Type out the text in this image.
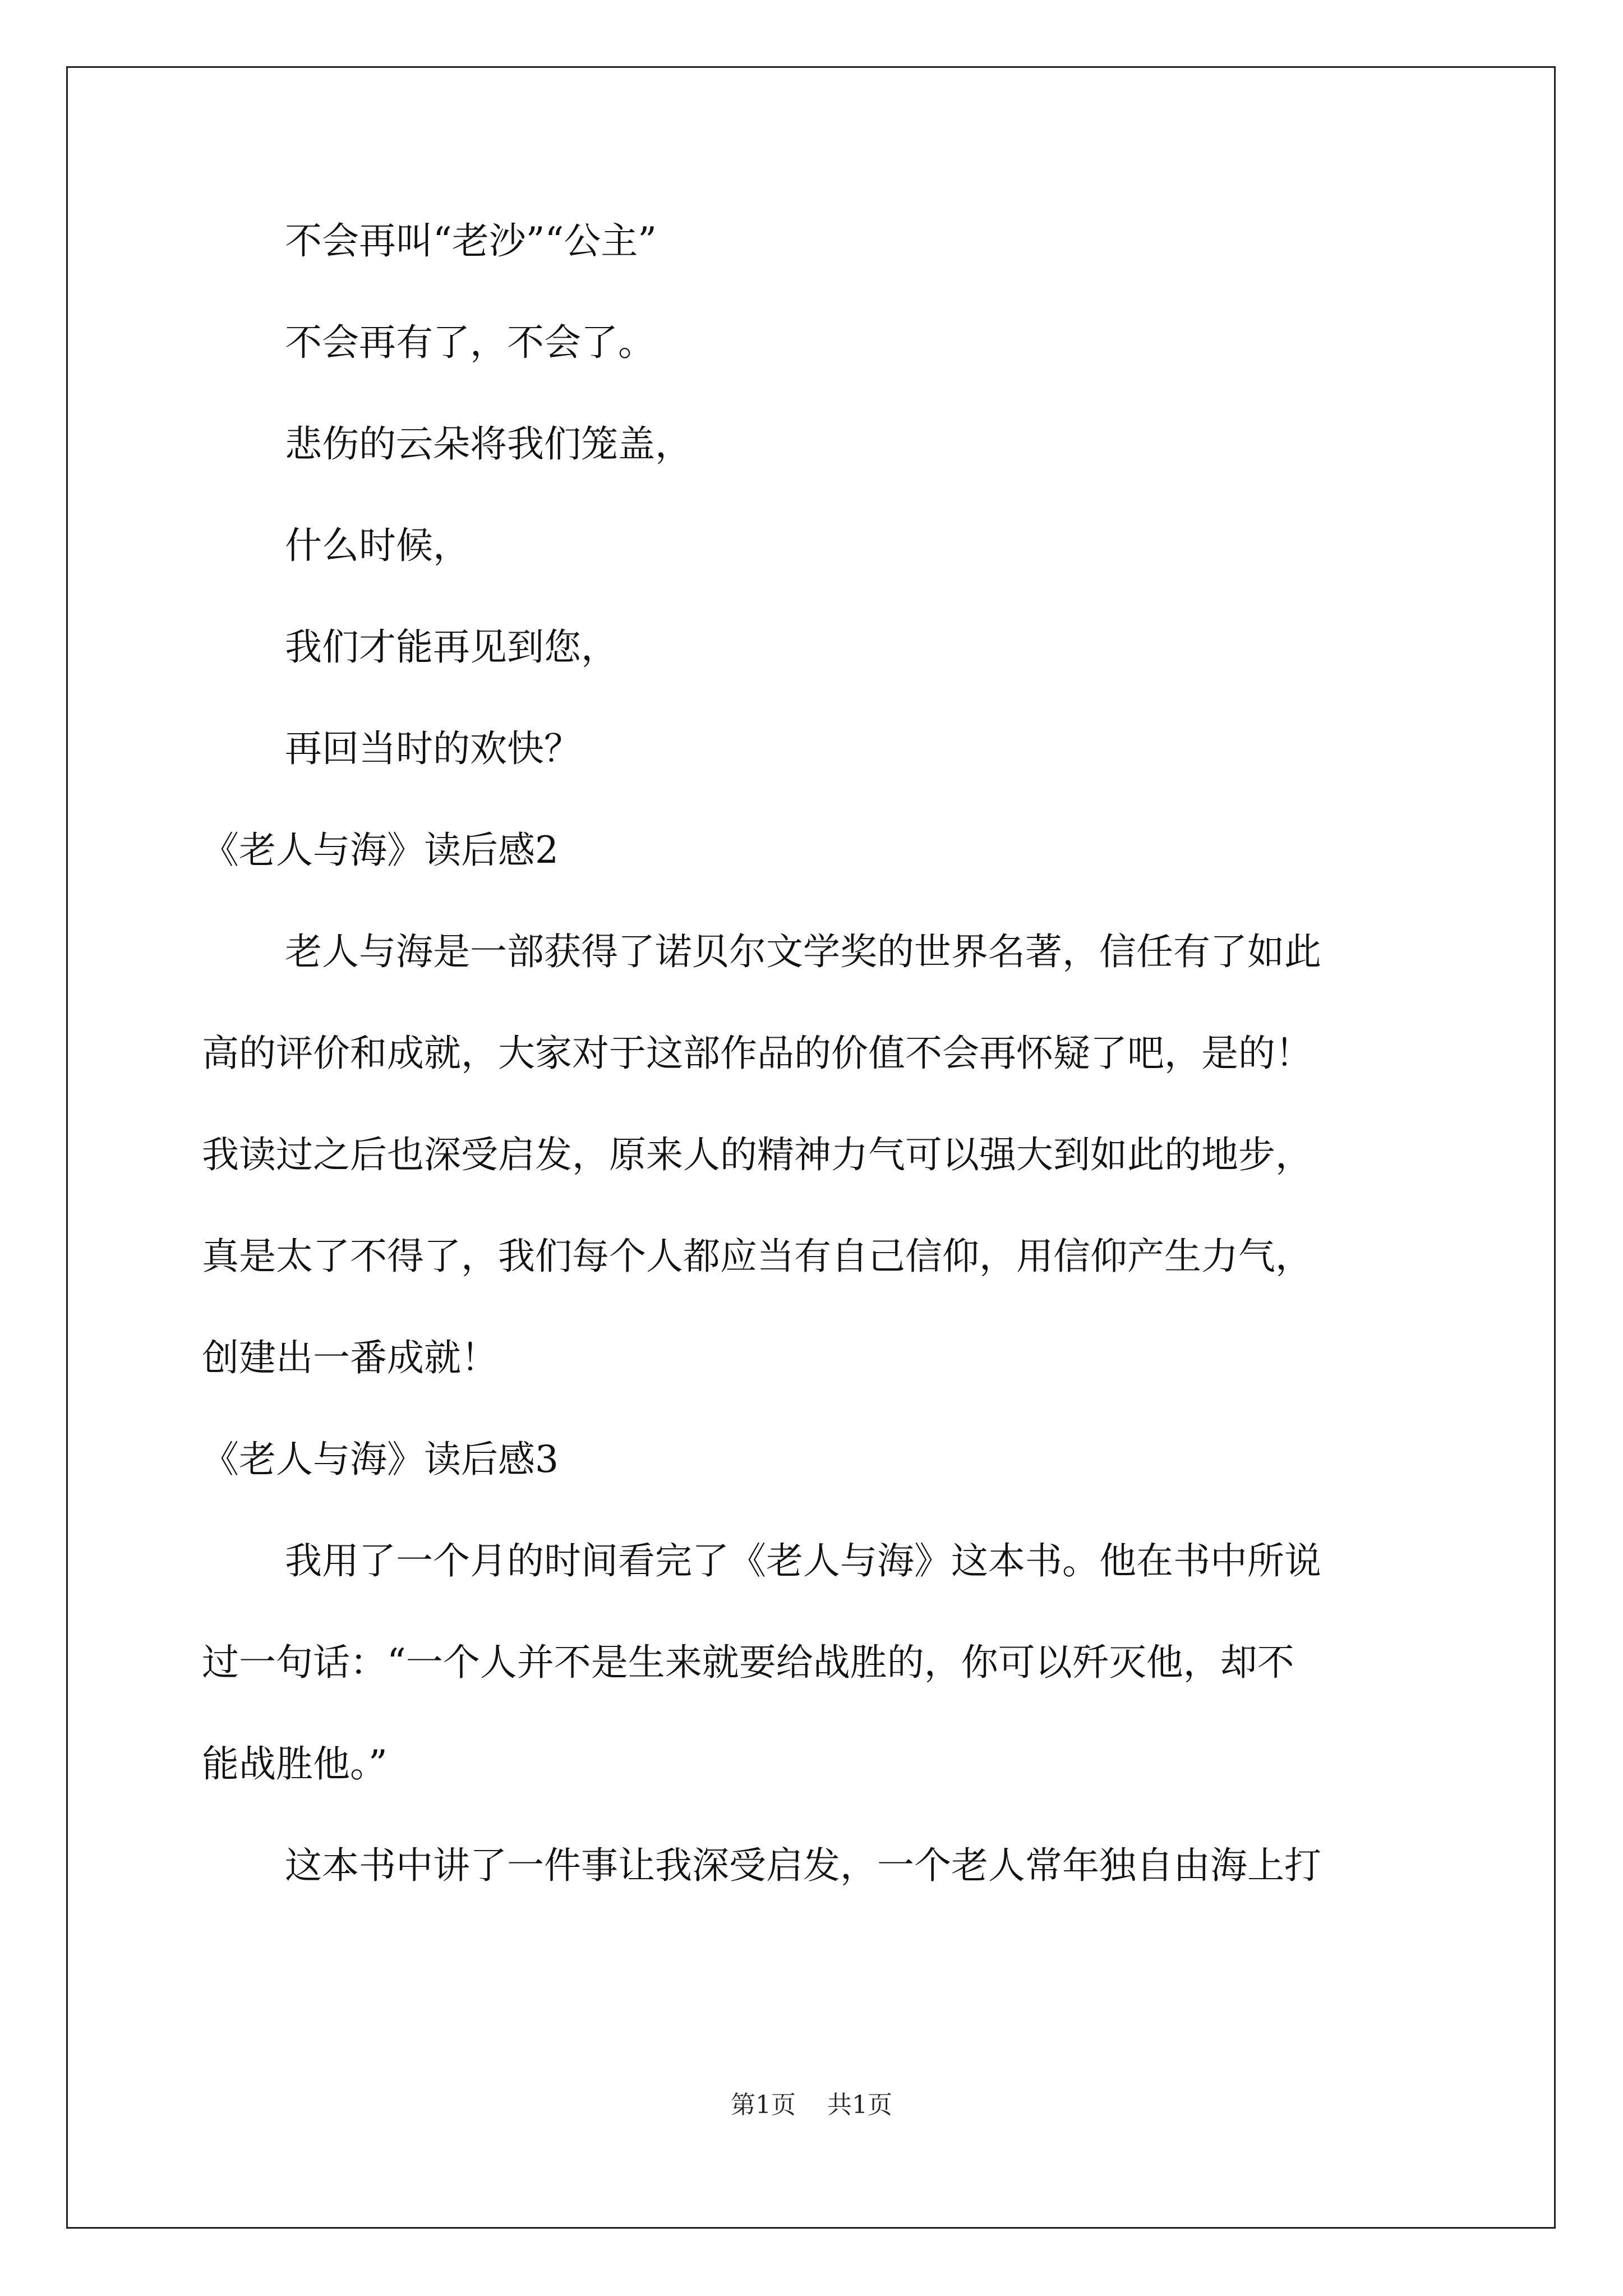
不会再叫“老沙”“公主”

不会再有了，不会了。

悲伤的云朵将我们笼盖，

什么时候，

我们才能再见到您，

再回当时的欢快？

《老人与海》读后感2

老人与海是一部获得了诺贝尔文学奖的世界名著，信任有了如此

高的评价和成就，大家对于这部作品的价值不会再怀疑了吧，是的！

我读过之后也深受启发，原来人的精神力气可以强大到如此的地步，

真是太了不得了，我们每个人都应当有自己信仰，用信仰产生力气，

创建出一番成就！

《老人与海》读后感3

我用了一个月的时间看完了《老人与海》这本书。他在书中所说

过一句话：“一个人并不是生来就要给战胜的，你可以歼灭他，却不

能战胜他。”

这本书中讲了一件事让我深受启发，一个老人常年独自由海上打

第1页 共1页
